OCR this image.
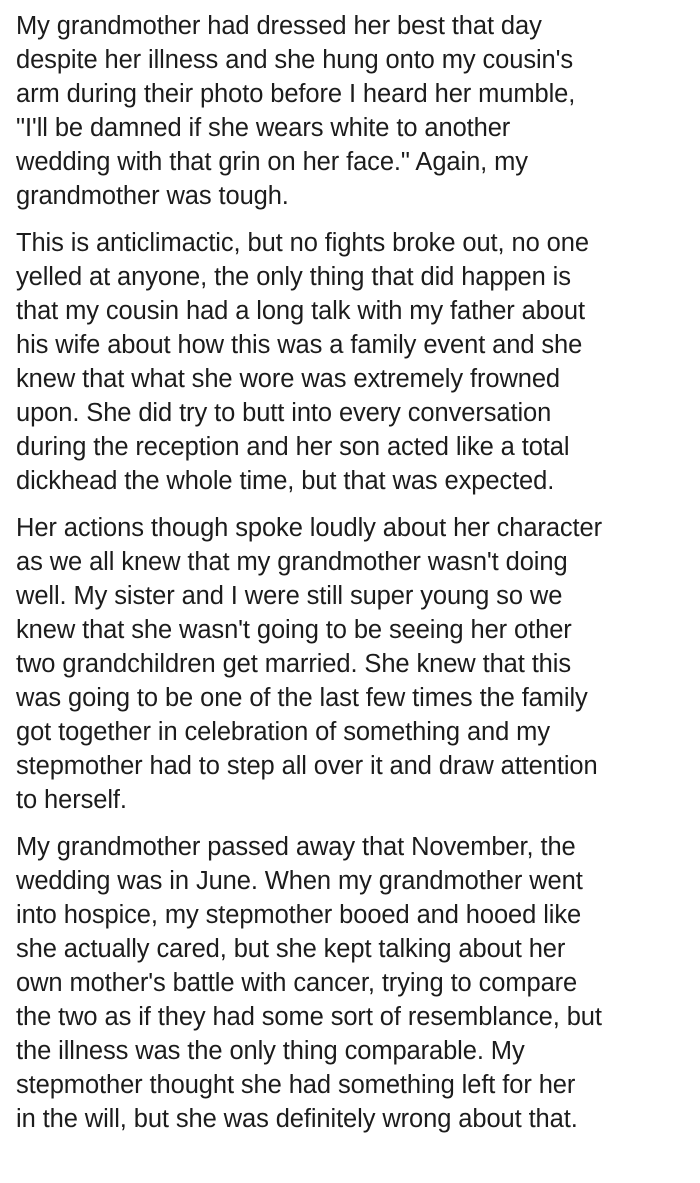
My grandmother had dressed her best that day
despite her illness and she hung onto my cousin's
arm during their photo before I heard her mumble,
"I'll be damned if she wears white to another
wedding with that grin on her face." Again, my
grandmother was tough.

This is anticlimactic, but no fights broke out, no one
yelled at anyone, the only thing that did happen is
that my cousin had a long talk with my father about
his wife about how this was a family event and she
knew that what she wore was extremely frowned
upon. She did try to butt into every conversation
during the reception and her son acted like a total
dickhead the whole time, but that was expected.

Her actions though spoke loudly about her character
as we all knew that my grandmother wasn't doing
well. My sister and I were still super young so we
knew that she wasn't going to be seeing her other
two grandchildren get married. She knew that this
was going to be one of the last few times the family
got together in celebration of something and my
stepmother had to step all over it and draw attention
to herself.

My grandmother passed away that November, the
wedding was in June. When my grandmother went
into hospice, my stepmother booed and hooed like
she actually cared, but she kept talking about her
own mother's battle with cancer, trying to compare
the two as if they had some sort of resemblance, but
the illness was the only thing comparable. My
stepmother thought she had something left for her
in the will, but she was definitely wrong about that.
